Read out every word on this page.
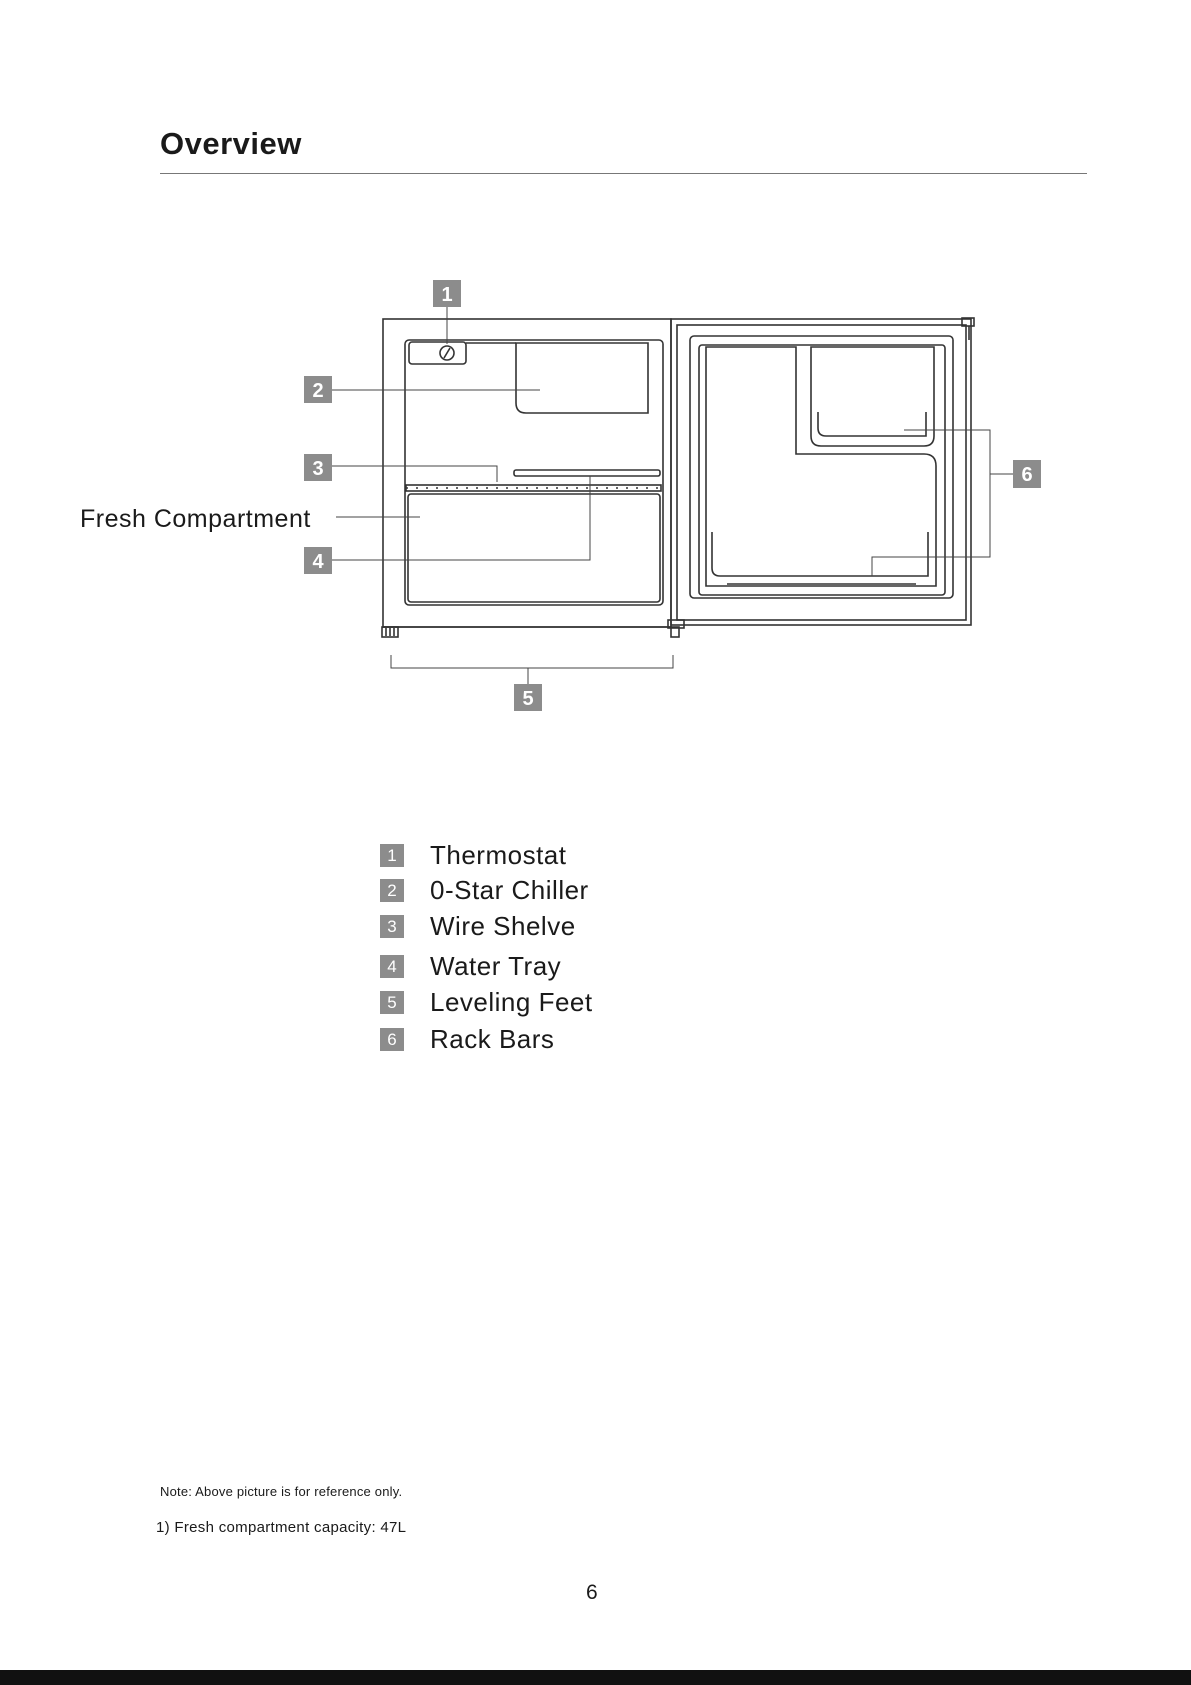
Overview
1
2
3
4
5
6
Fresh Compartment
1 Thermostat
2 0-Star Chiller
3 Wire Shelve
4 Water Tray
5 Leveling Feet
6 Rack Bars
Note: Above picture is for reference only.
1) Fresh compartment capacity: 47L
6
